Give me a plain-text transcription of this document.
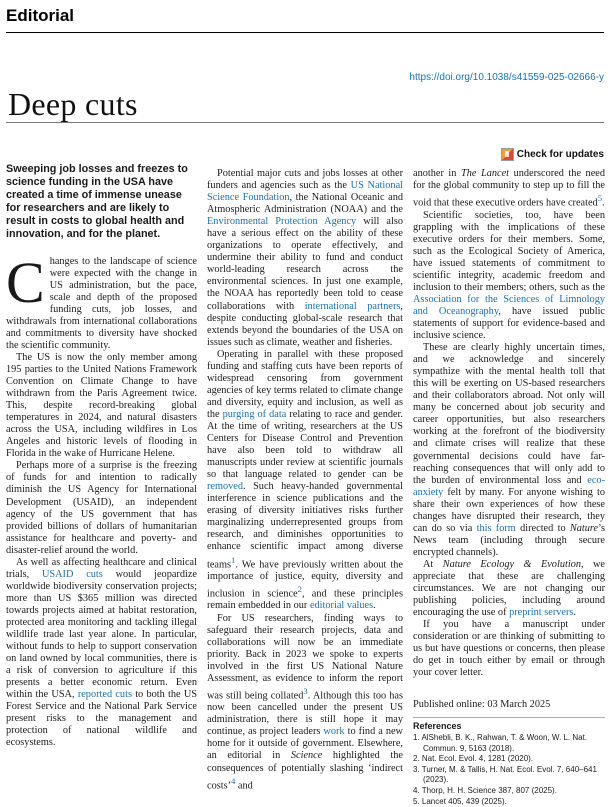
Editorial
https://doi.org/10.1038/s41559-025-02666-y
Deep cuts
Check for updates
Sweeping job losses and freezes to science funding in the USA have created a time of immense unease for researchers and are likely to result in costs to global health and innovation, and for the planet.

Changes to the landscape of science were expected with the change in US administration, but the pace, scale and depth of the proposed funding cuts, job losses, and withdrawals from international collaborations and commitments to diversity have shocked the scientific community.

The US is now the only member among 195 parties to the United Nations Framework Convention on Climate Change to have withdrawn from the Paris Agreement twice. This, despite record-breaking global temperatures in 2024, and natural disasters across the USA, including wildfires in Los Angeles and historic levels of flooding in Florida in the wake of Hurricane Helene.

Perhaps more of a surprise is the freezing of funds for and intention to radically diminish the US Agency for International Development (USAID), an independent agency of the US government that has provided billions of dollars of humanitarian assistance for healthcare and poverty- and disaster-relief around the world.

As well as affecting healthcare and clinical trials, USAID cuts would jeopardize worldwide biodiversity conservation projects; more than US $365 million was directed towards projects aimed at habitat restoration, protected area monitoring and tackling illegal wildlife trade last year alone. In particular, without funds to help to support conservation on land owned by local communities, there is a risk of conversion to agriculture if this presents a better economic return. Even within the USA, reported cuts to both the US Forest Service and the National Park Service present risks to the management and protection of national wildlife and ecosystems.

Potential major cuts and jobs losses at other funders and agencies such as the US National Science Foundation, the National Oceanic and Atmospheric Administration (NOAA) and the Environmental Protection Agency will also have a serious effect on the ability of these organizations to operate effectively, and undermine their ability to fund and conduct world-leading research across the environmental sciences. In just one example, the NOAA has reportedly been told to cease collaborations with international partners, despite conducting global-scale research that extends beyond the boundaries of the USA on issues such as climate, weather and fisheries.

Operating in parallel with these proposed funding and staffing cuts have been reports of widespread censoring from government agencies of key terms related to climate change and diversity, equity and inclusion, as well as the purging of data relating to race and gender. At the time of writing, researchers at the US Centers for Disease Control and Prevention have also been told to withdraw all manuscripts under review at scientific journals so that language related to gender can be removed. Such heavy-handed governmental interference in science publications and the erasing of diversity initiatives risks further marginalizing underrepresented groups from research, and diminishes opportunities to enhance scientific impact among diverse teams$^1$. We have previously written about the importance of justice, equity, diversity and inclusion in science$^2$, and these principles remain embedded in our editorial values.

For US researchers, finding ways to safeguard their research projects, data and collaborations will now be an immediate priority. Back in 2023 we spoke to experts involved in the first US National Nature Assessment, as evidence to inform the report was still being collated$^3$. Although this too has now been cancelled under the present US administration, there is still hope it may continue, as project leaders work to find a new home for it outside of government. Elsewhere, an editorial in Science highlighted the consequences of potentially slashing ‘indirect costs’$^4$ and

another in The Lancet underscored the need for the global community to step up to fill the void that these executive orders have created$^5$.

Scientific societies, too, have been grappling with the implications of these executive orders for their members. Some, such as the Ecological Society of America, have issued statements of commitment to scientific integrity, academic freedom and inclusion to their members; others, such as the Association for the Sciences of Limnology and Oceanography, have issued public statements of support for evidence-based and inclusive science.

These are clearly highly uncertain times, and we acknowledge and sincerely sympathize with the mental health toll that this will be exerting on US-based researchers and their collaborators abroad. Not only will many be concerned about job security and career opportunities, but also researchers working at the forefront of the biodiversity and climate crises will realize that these governmental decisions could have far-reaching consequences that will only add to the burden of environmental loss and eco-anxiety felt by many. For anyone wishing to share their own experiences of how these changes have disrupted their research, they can do so via this form directed to Nature’s News team (including through secure encrypted channels).

At Nature Ecology & Evolution, we appreciate that these are challenging circumstances. We are not changing our publishing policies, including around encouraging the use of preprint servers.

If you have a manuscript under consideration or are thinking of submitting to us but have questions or concerns, then please do get in touch either by email or through your cover letter.

Published online: 03 March 2025
References
1. AlShebli, B. K., Rahwan, T. & Woon, W. L. Nat. Commun. 9, 5163 (2018).
2. Nat. Ecol. Evol. 4, 1281 (2020).
3. Turner, M. & Tallis, H. Nat. Ecol. Evol. 7, 640–641 (2023).
4. Thorp, H. H. Science 387, 807 (2025).
5. Lancet 405, 439 (2025).
